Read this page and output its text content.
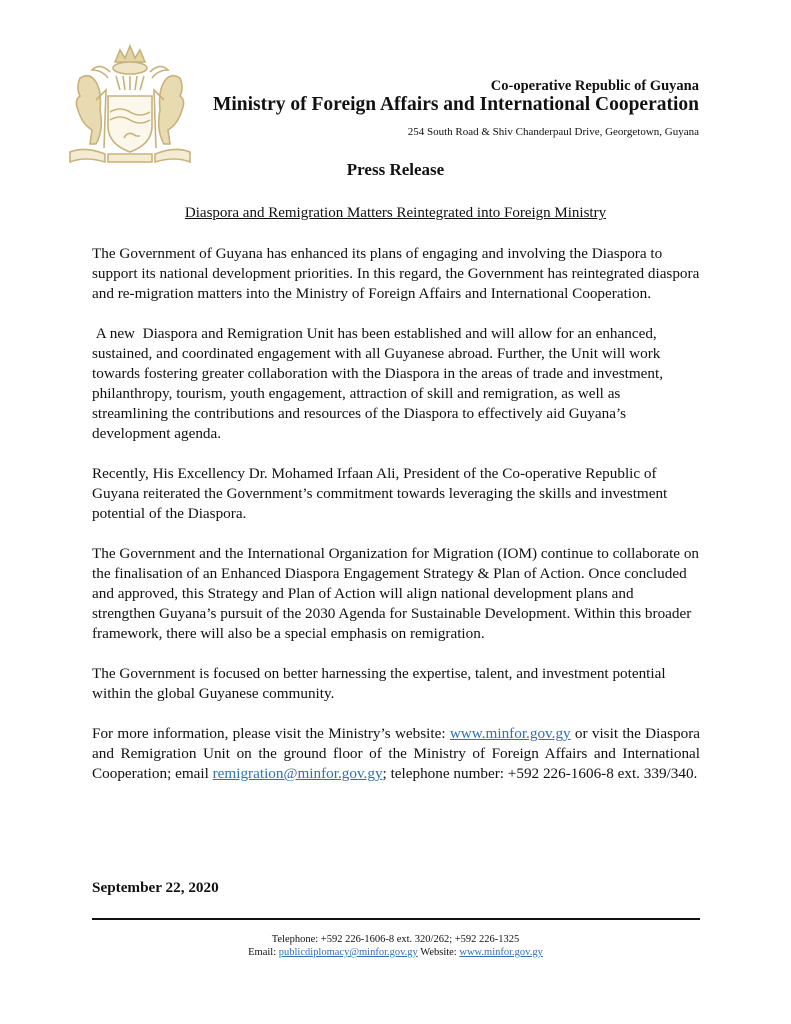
Co-operative Republic of Guyana
Ministry of Foreign Affairs and International Cooperation
254 South Road & Shiv Chanderpaul Drive, Georgetown, Guyana
Press Release
Diaspora and Remigration Matters Reintegrated into Foreign Ministry

The Government of Guyana has enhanced its plans of engaging and involving the Diaspora to support its national development priorities. In this regard, the Government has reintegrated diaspora and re-migration matters into the Ministry of Foreign Affairs and International Cooperation.

A new  Diaspora and Remigration Unit has been established and will allow for an enhanced, sustained, and coordinated engagement with all Guyanese abroad. Further, the Unit will work towards fostering greater collaboration with the Diaspora in the areas of trade and investment, philanthropy, tourism, youth engagement, attraction of skill and remigration, as well as streamlining the contributions and resources of the Diaspora to effectively aid Guyana’s development agenda.

Recently, His Excellency Dr. Mohamed Irfaan Ali, President of the Co-operative Republic of Guyana reiterated the Government’s commitment towards leveraging the skills and investment potential of the Diaspora.

The Government and the International Organization for Migration (IOM) continue to collaborate on the finalisation of an Enhanced Diaspora Engagement Strategy & Plan of Action. Once concluded and approved, this Strategy and Plan of Action will align national development plans and strengthen Guyana’s pursuit of the 2030 Agenda for Sustainable Development. Within this broader framework, there will also be a special emphasis on remigration.

The Government is focused on better harnessing the expertise, talent, and investment potential within the global Guyanese community.

For more information, please visit the Ministry’s website: www.minfor.gov.gy or visit the Diaspora and Remigration Unit on the ground floor of the Ministry of Foreign Affairs and International Cooperation; email remigration@minfor.gov.gy; telephone number: +592 226-1606-8 ext. 339/340.

September 22, 2020
Telephone: +592 226-1606-8 ext. 320/262; +592 226-1325
Email: publicdiplomacy@minfor.gov.gy Website: www.minfor.gov.gy
